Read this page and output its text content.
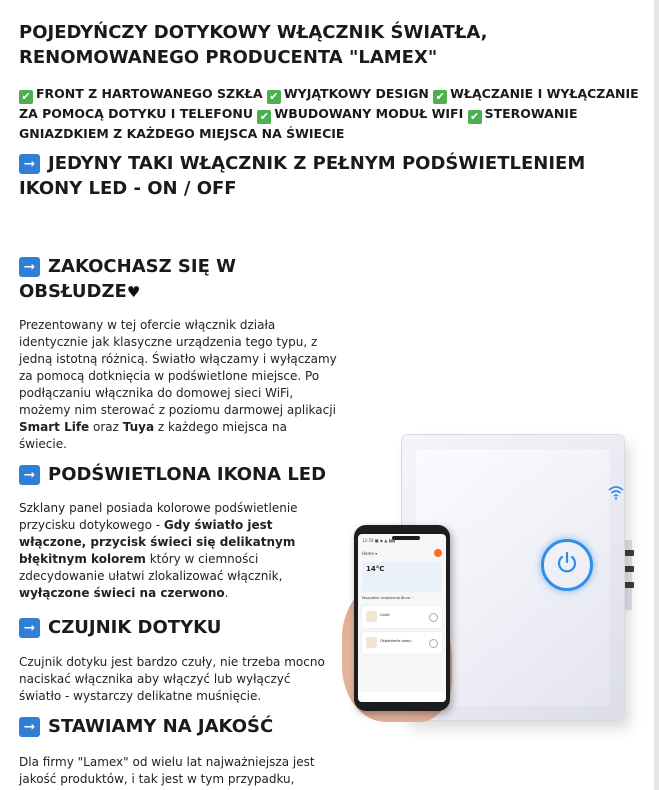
POJEDYŃCZY DOTYKOWY WŁĄCZNIK ŚWIATŁA, RENOMOWANEGO PRODUCENTA "LAMEX"
✔ FRONT Z HARTOWANEGO SZKŁA ✔ WYJĄTKOWY DESIGN ✔ WŁĄCZANIE I WYŁĄCZANIE ZA POMOCĄ DOTYKU I TELEFONU ✔ WBUDOWANY MODUŁ WIFI ✔ STEROWANIE GNIAZDKIEM Z KAŻDEGO MIEJSCA NA ŚWIECIE
➞ JEDYNY TAKI WŁĄCZNIK Z PEŁNYM PODŚWIETLENIEM IKONY LED - ON / OFF
➞ ZAKOCHASZ SIĘ W OBSŁUDZE♥

Prezentowany w tej ofercie włącznik działa identycznie jak klasyczne urządzenia tego typu, z jedną istotną różnicą. Światło włączamy i wyłączamy za pomocą dotknięcia w podświetlone miejsce. Po podłączaniu włącznika do domowej sieci WiFi, możemy nim sterować z poziomu darmowej aplikacji Smart Life oraz Tuya z każdego miejsca na świecie.

➞ PODŚWIETLONA IKONA LED

Szklany panel posiada kolorowe podświetlenie przycisku dotykowego - Gdy światło jest włączone, przycisk świeci się delikatnym błękitnym kolorem który w ciemności zdecydowanie ułatwi zlokalizować włącznik, wyłączone świeci na czerwono.

➞ CZUJNIK DOTYKU

Czujnik dotyku jest bardzo czuły, nie trzeba mocno naciskać włącznika aby włączyć lub wyłączyć światło - wystarczy delikatne muśnięcie.

➞ STAWIAMY NA JAKOŚĆ

Dla firmy "Lamex" od wielu lat najważniejsza jest jakość produktów, i tak jest w tym przypadku,

12:59 ■ ◆ ▲ ▮▮▮
Home ▾
14°C
—
Wszystkie urządzenia Biuro ···
Gniść
Oświetlenie domu
